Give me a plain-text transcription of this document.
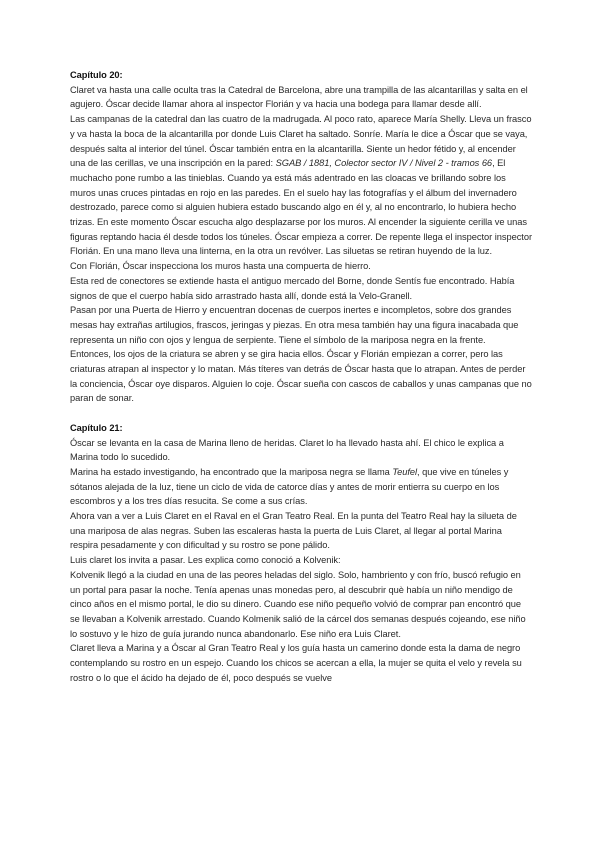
Capítulo 20:

Claret va hasta una calle oculta tras la Catedral de Barcelona, abre una trampilla de las alcantarillas y salta en el agujero. Óscar decide llamar ahora al inspector Florián y va hacia una bodega para llamar desde allí.

Las campanas de la catedral dan las cuatro de la madrugada. Al poco rato, aparece María Shelly. Lleva un frasco y va hasta la boca de la alcantarilla por donde Luis Claret ha saltado. Sonríe. María le dice a Óscar que se vaya, después salta al interior del túnel. Óscar también entra en la alcantarilla. Siente un hedor fétido y, al encender una de las cerillas, ve una inscripción en la pared: SGAB / 1881, Colector sector IV / Nivel 2 - tramos 66, El muchacho pone rumbo a las tinieblas. Cuando ya está más adentrado en las cloacas ve brillando sobre los muros unas cruces pintadas en rojo en las paredes. En el suelo hay las fotografías y el álbum del invernadero destrozado, parece como si alguien hubiera estado buscando algo en él y, al no encontrarlo, lo hubiera hecho trizas. En este momento Óscar escucha algo desplazarse por los muros. Al encender la siguiente cerilla ve unas figuras reptando hacia él desde todos los túneles. Óscar empieza a correr. De repente llega el inspector inspector Florián. En una mano lleva una linterna, en la otra un revólver. Las siluetas se retiran huyendo de la luz.

Con Florián, Óscar inspecciona los muros hasta una compuerta de hierro.

Esta red de conectores se extiende hasta el antiguo mercado del Borne, donde Sentís fue encontrado. Había signos de que el cuerpo había sido arrastrado hasta allí, donde está la Velo-Granell.

Pasan por una Puerta de Hierro y encuentran docenas de cuerpos inertes e incompletos, sobre dos grandes mesas hay extrañas artilugios, frascos, jeringas y piezas. En otra mesa también hay una figura inacabada que representa un niño con ojos y lengua de serpiente. Tiene el símbolo de la mariposa negra en la frente.

Entonces, los ojos de la criatura se abren y se gira hacia ellos. Óscar y Florián empiezan a correr, pero las criaturas atrapan al inspector y lo matan. Más títeres van detrás de Óscar hasta que lo atrapan. Antes de perder la conciencia, Óscar oye disparos. Alguien lo coje. Óscar sueña con cascos de caballos y unas campanas que no paran de sonar.

Capítulo 21:

Óscar se levanta en la casa de Marina lleno de heridas. Claret lo ha llevado hasta ahí. El chico le explica a Marina todo lo sucedido.

Marina ha estado investigando, ha encontrado que la mariposa negra se llama Teufel, que vive en túneles y sótanos alejada de la luz, tiene un ciclo de vida de catorce días y antes de morir entierra su cuerpo en los escombros y a los tres días resucita. Se come a sus crías.

Ahora van a ver a Luis Claret en el Raval en el Gran Teatro Real. En la punta del Teatro Real hay la silueta de una mariposa de alas negras. Suben las escaleras hasta la puerta de Luis Claret, al llegar al portal Marina respira pesadamente y con dificultad y su rostro se pone pálido.

Luis claret los invita a pasar. Les explica como conoció a Kolvenik:

Kolvenik llegó a la ciudad en una de las peores heladas del siglo. Solo, hambriento y con frío, buscó refugio en un portal para pasar la noche. Tenía apenas unas monedas pero, al descubrir què había un niño mendigo de cinco años en el mismo portal, le dio su dinero. Cuando ese niño pequeño volvió de comprar pan encontró que se llevaban a Kolvenik arrestado. Cuando Kolmenik salió de la cárcel dos semanas después cojeando, ese niño lo sostuvo y le hizo de guía jurando nunca abandonarlo. Ese niño era Luis Claret.

Claret lleva a Marina y a Óscar al Gran Teatro Real y los guía hasta un camerino donde esta la dama de negro contemplando su rostro en un espejo. Cuando los chicos se acercan a ella, la mujer se quita el velo y revela su rostro o lo que el ácido ha dejado de él, poco después se vuelve
